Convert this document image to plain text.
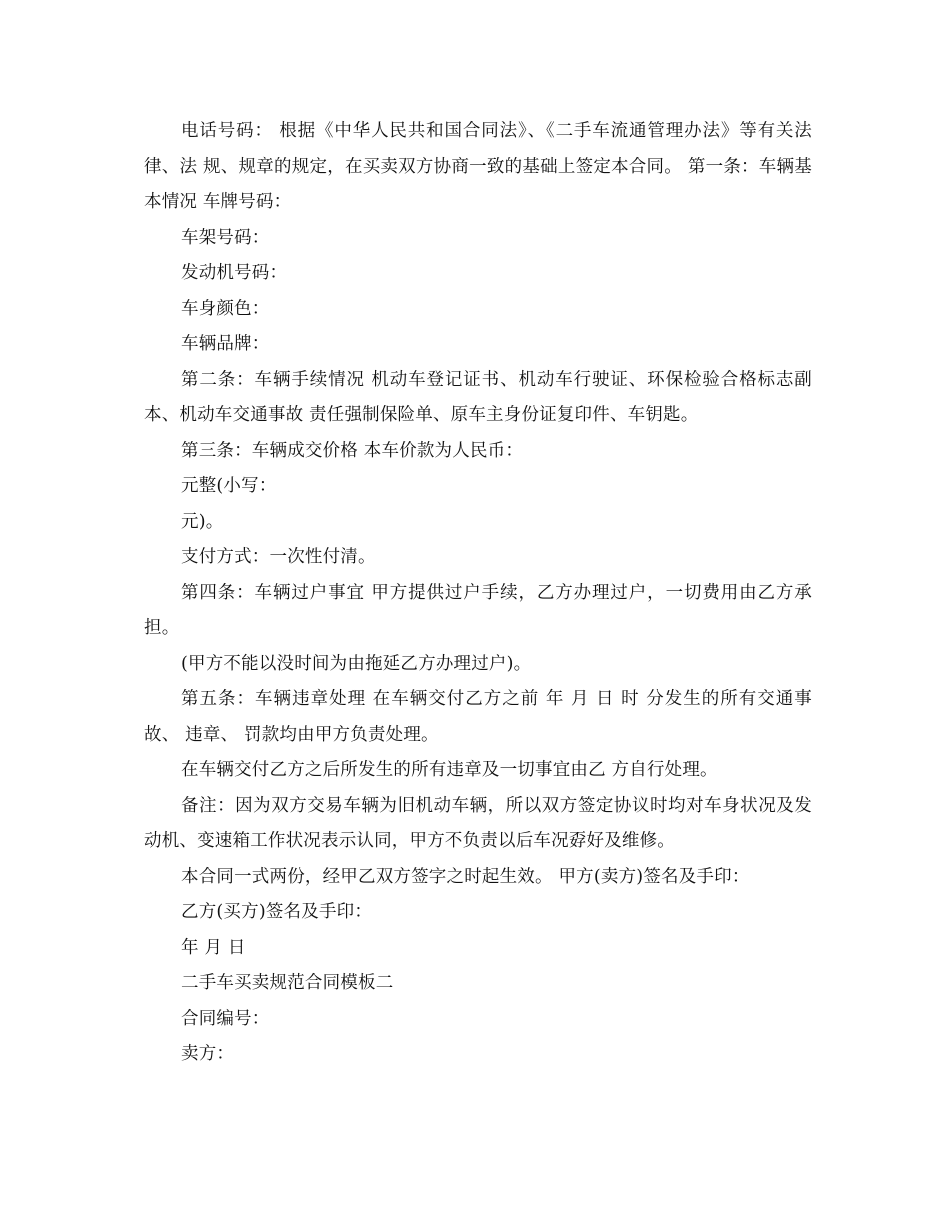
电话号码： 根据《中华人民共和国合同法》、《二手车流通管理办法》等有关法律、法 规、规章的规定，在买卖双方协商一致的基础上签定本合同。 第一条：车辆基本情况 车牌号码：

车架号码：

发动机号码：

车身颜色：

车辆品牌：

第二条：车辆手续情况 机动车登记证书、机动车行驶证、环保检验合格标志副本、机动车交通事故 责任强制保险单、原车主身份证复印件、车钥匙。

第三条：车辆成交价格 本车价款为人民币：

元整(小写：

元)。

支付方式：一次性付清。

第四条：车辆过户事宜 甲方提供过户手续，乙方办理过户，一切费用由乙方承担。

(甲方不能以没时间为由拖延乙方办理过户)。

第五条：车辆违章处理 在车辆交付乙方之前 年 月 日 时 分发生的所有交通事故、 违章、 罚款均由甲方负责处理。

在车辆交付乙方之后所发生的所有违章及一切事宜由乙 方自行处理。

备注：因为双方交易车辆为旧机动车辆，所以双方签定协议时均对车身状况及发动机、变速箱工作状况表示认同，甲方不负责以后车况孬好及维修。

本合同一式两份，经甲乙双方签字之时起生效。 甲方(卖方)签名及手印：

乙方(买方)签名及手印：

年 月 日

二手车买卖规范合同模板二

合同编号：

卖方：
